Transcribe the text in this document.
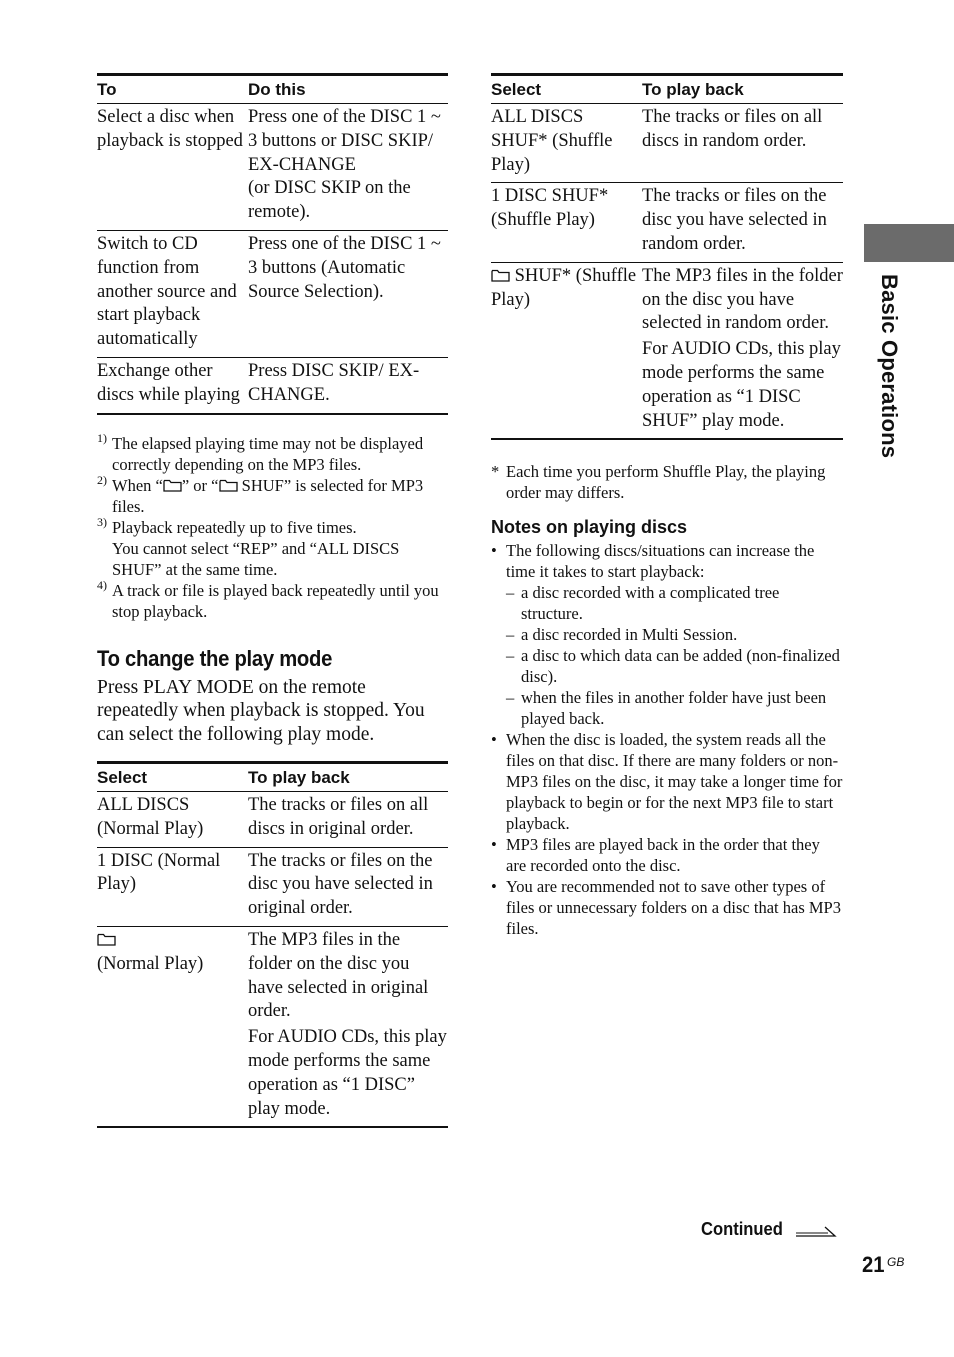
To	Do this
Select a disc when playback is stopped	Press one of the DISC 1 ~ 3 buttons or DISC SKIP/ EX-CHANGE
(or DISC SKIP on the remote).

Switch to CD function from another source and start playback automatically	Press one of the DISC 1 ~ 3 buttons (Automatic Source Selection).
Exchange other discs while playing	Press DISC SKIP/ EX-CHANGE.
1) The elapsed playing time may not be displayed correctly depending on the MP3 files.
2) When “ ” or “ SHUF” is selected for MP3 files.
3) Playback repeatedly up to five times.
You cannot select “REP” and “ALL DISCS SHUF” at the same time.
4) A track or file is played back repeatedly until you stop playback.
To change the play mode

Press PLAY MODE on the remote repeatedly when playback is stopped. You can select the following play mode.

Select	To play back
ALL DISCS (Normal Play)	The tracks or files on all discs in original order.
1 DISC (Normal Play)	The tracks or files on the disc you have selected in original order.

(Normal Play)	The MP3 files in the folder on the disc you have selected in original order.
For AUDIO CDs, this play mode performs the same operation as “1 DISC” play mode.
Select	To play back
ALL DISCS SHUF* (Shuffle Play)	The tracks or files on all discs in random order.
1 DISC SHUF* (Shuffle Play)	The tracks or files on the disc you have selected in random order.
SHUF* (Shuffle Play)	The MP3 files in the folder on the disc you have selected in random order.
For AUDIO CDs, this play mode performs the same operation as “1 DISC SHUF” play mode.
* Each time you perform Shuffle Play, the playing order may differs.
Notes on playing discs
• The following discs/situations can increase the time it takes to start playback:
– a disc recorded with a complicated tree structure.
– a disc recorded in Multi Session.
– a disc to which data can be added (non-finalized disc).
– when the files in another folder have just been played back.
• When the disc is loaded, the system reads all the files on that disc. If there are many folders or non-MP3 files on the disc, it may take a longer time for playback to begin or for the next MP3 file to start playback.
• MP3 files are played back in the order that they are recorded onto the disc.
• You are recommended not to save other types of files or unnecessary folders on a disc that has MP3 files.
Basic Operations
Continued
21 GB
